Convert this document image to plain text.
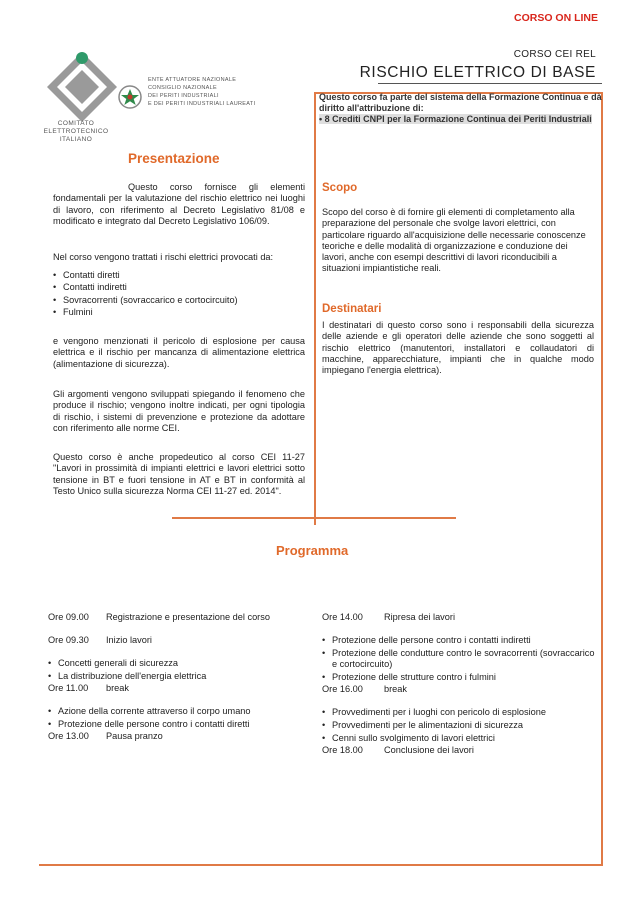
CORSO ON LINE
CORSO CEI REL
RISCHIO ELETTRICO DI BASE
COMITATO
ELETTROTECNICO
ITALIANO
ENTE ATTUATORE NAZIONALE
CONSIGLIO NAZIONALE
DEI PERITI INDUSTRIALI
E DEI PERITI INDUSTRIALI LAUREATI
Questo corso fa parte del sistema della Formazione Continua e dà diritto all'attribuzione di:
• 8 Crediti CNPI per la Formazione Continua dei Periti Industriali
Presentazione
Questo corso fornisce gli elementi fondamentali per la valutazione del rischio elettrico nei luoghi di lavoro, con riferimento al Decreto Legislativo 81/08 e modificato e integrato dal Decreto Legislativo 106/09.
Nel corso vengono trattati i rischi elettrici provocati da:
• Contatti diretti
• Contatti indiretti
• Sovracorrenti (sovraccarico e cortocircuito)
• Fulmini
e vengono menzionati il pericolo di esplosione per causa elettrica e il rischio per mancanza di alimentazione elettrica (alimentazione di sicurezza).
Gli argomenti vengono sviluppati spiegando il fenomeno che produce il rischio; vengono inoltre indicati, per ogni tipologia di rischio, i sistemi di prevenzione e protezione da adottare con riferimento alle norme CEI.
Questo corso è anche propedeutico al corso CEI 11-27 "Lavori in prossimità di impianti elettrici e lavori elettrici sotto tensione in BT e fuori tensione in AT e BT in conformità al Testo Unico sulla sicurezza Norma CEI 11-27 ed. 2014".
Scopo
Scopo del corso è di fornire gli elementi di completamento alla preparazione del personale che svolge lavori elettrici, con particolare riguardo all'acquisizione delle necessarie conoscenze teoriche e delle modalità di organizzazione e conduzione dei lavori, anche con esempi descrittivi di lavori riconducibili a situazioni impiantistiche reali.
Destinatari
I destinatari di questo corso sono i responsabili della sicurezza delle aziende e gli operatori delle aziende che sono soggetti al rischio elettrico (manutentori, installatori e collaudatori di macchine, apparecchiature, impianti che in qualche modo impiegano l'energia elettrica).
Programma
Ore 09.00	Registrazione e presentazione del corso
Ore 09.30	Inizio lavori
• Concetti generali di sicurezza
• La distribuzione dell'energia elettrica
Ore 11.00	break
• Azione della corrente attraverso il corpo umano
• Protezione delle persone contro i contatti diretti
Ore 13.00	Pausa pranzo
Ore 14.00	Ripresa dei lavori
• Protezione delle persone contro i contatti indiretti
• Protezione delle condutture contro le sovracorrenti (sovraccarico e cortocircuito)
• Protezione delle strutture contro i fulmini
Ore 16.00	break
• Provvedimenti per i luoghi con pericolo di esplosione
• Provvedimenti per le alimentazioni di sicurezza
• Cenni sullo svolgimento di lavori elettrici
Ore 18.00	Conclusione dei lavori
